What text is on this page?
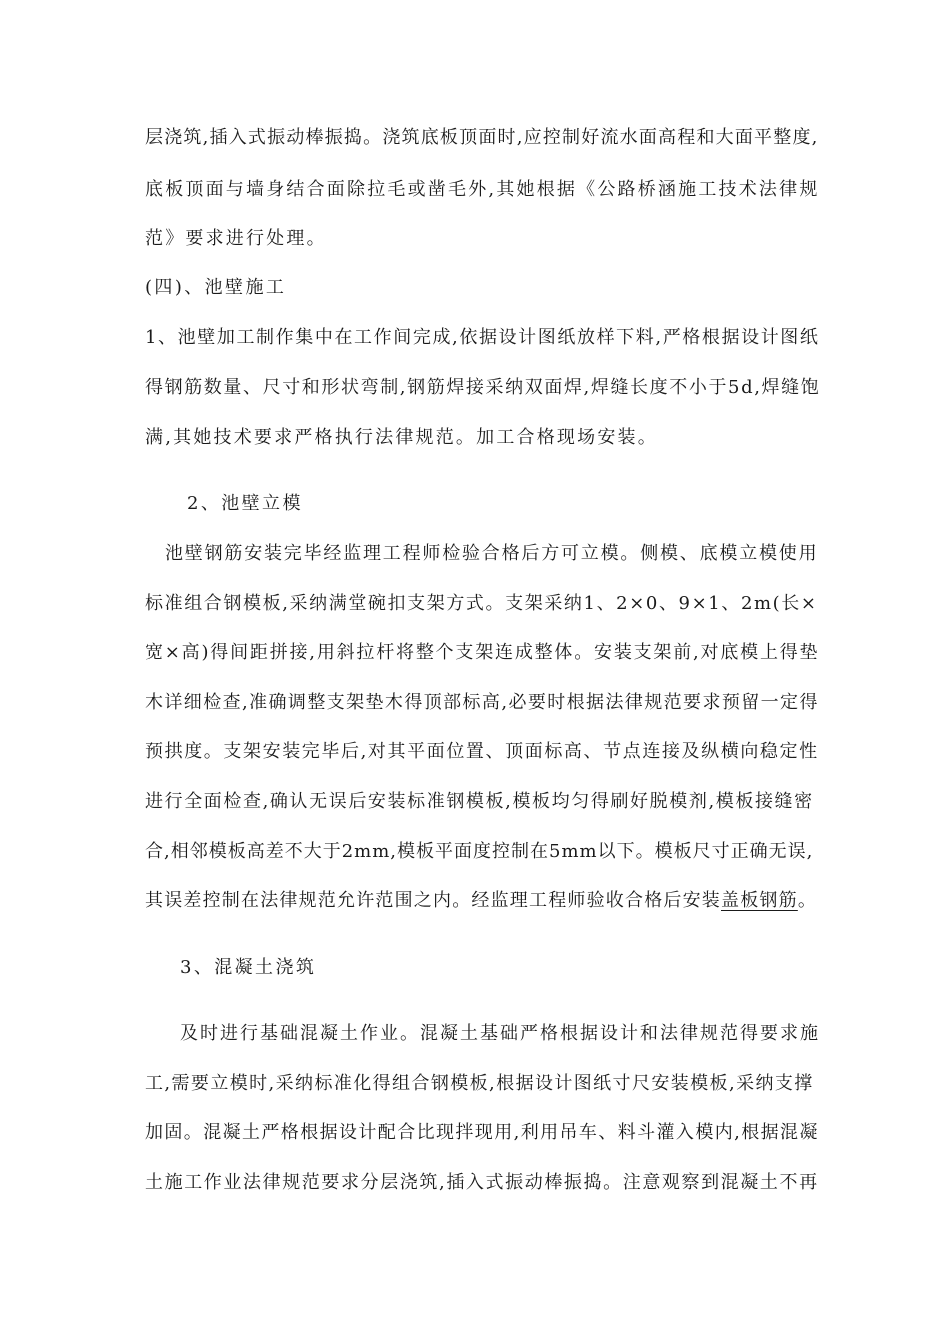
层浇筑,插入式振动棒振捣。浇筑底板顶面时,应控制好流水面高程和大面平整度,
底板顶面与墙身结合面除拉毛或凿毛外,其她根据《公路桥涵施工技术法律规
范》要求进行处理。
(四)、池壁施工
1、池壁加工制作集中在工作间完成,依据设计图纸放样下料,严格根据设计图纸
得钢筋数量、尺寸和形状弯制,钢筋焊接采纳双面焊,焊缝长度不小于5d,焊缝饱
满,其她技术要求严格执行法律规范。加工合格现场安装。
2、池壁立模
池壁钢筋安装完毕经监理工程师检验合格后方可立模。侧模、底模立模使用
标准组合钢模板,采纳满堂碗扣支架方式。支架采纳1、2×0、9×1、2m(长×
宽×高)得间距拼接,用斜拉杆将整个支架连成整体。安装支架前,对底模上得垫
木详细检查,准确调整支架垫木得顶部标高,必要时根据法律规范要求预留一定得
预拱度。支架安装完毕后,对其平面位置、顶面标高、节点连接及纵横向稳定性
进行全面检查,确认无误后安装标准钢模板,模板均匀得刷好脱模剂,模板接缝密
合,相邻模板高差不大于2mm,模板平面度控制在5mm以下。模板尺寸正确无误,
其误差控制在法律规范允许范围之内。经监理工程师验收合格后安装盖板钢筋。
3、混凝土浇筑
及时进行基础混凝土作业。混凝土基础严格根据设计和法律规范得要求施
工,需要立模时,采纳标准化得组合钢模板,根据设计图纸寸尺安装模板,采纳支撑
加固。混凝土严格根据设计配合比现拌现用,利用吊车、料斗灌入模内,根据混凝
土施工作业法律规范要求分层浇筑,插入式振动棒振捣。注意观察到混凝土不再
